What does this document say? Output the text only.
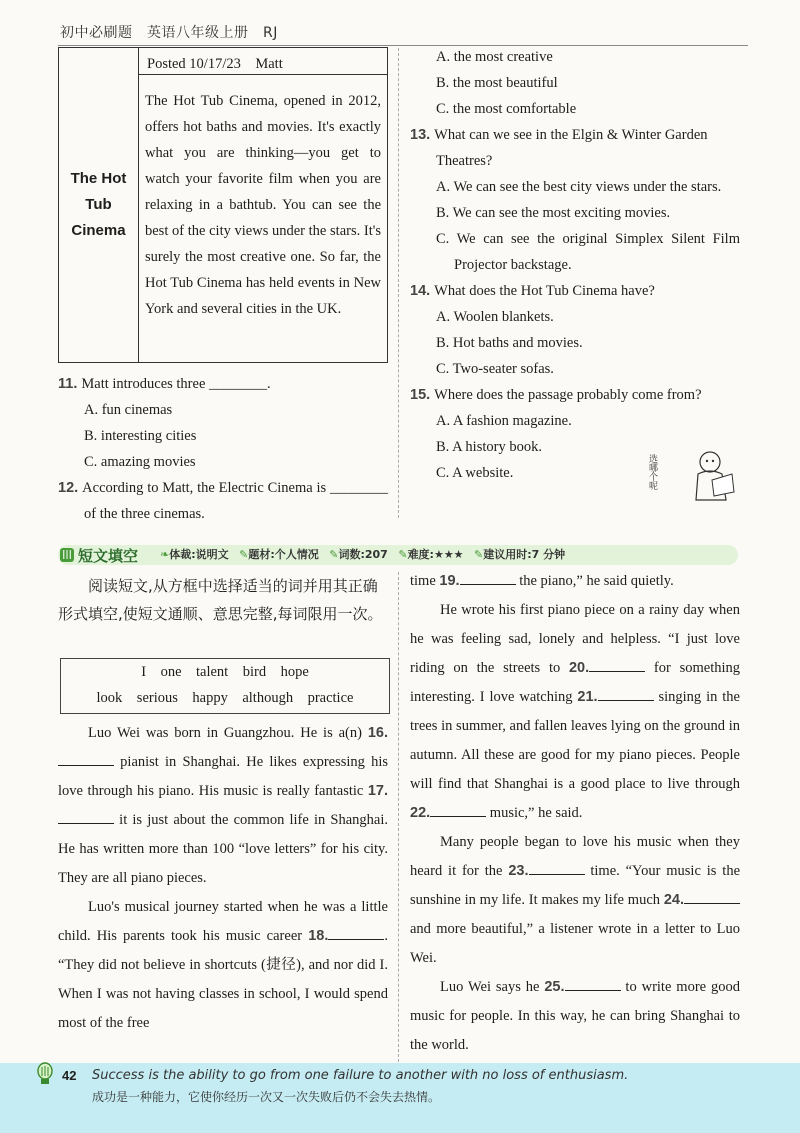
初中必刷题　英语八年级上册　RJ
The Hot
Tub
Cinema
Posted 10/17/23　Matt
The Hot Tub Cinema, opened in 2012, offers hot baths and movies. It's exactly what you are thinking—you get to watch your favorite film when you are relaxing in a bathtub. You can see the best of the city views under the stars. It's surely the most creative one. So far, the Hot Tub Cinema has held events in New York and several cities in the UK.
11. Matt introduces three ________.
A. fun cinemas
B. interesting cities
C. amazing movies
12. According to Matt, the Electric Cinema is ________ of the three cinemas.
A. the most creative
B. the most beautiful
C. the most comfortable
13. What can we see in the Elgin & Winter Garden Theatres?
A. We can see the best city views under the stars.
B. We can see the most exciting movies.
C. We can see the original Simplex Silent Film Projector backstage.
14. What does the Hot Tub Cinema have?
A. Woolen blankets.
B. Hot baths and movies.
C. Two-seater sofas.
15. Where does the passage probably come from?
A. A fashion magazine.
B. A history book.
C. A website.	选哪个呢
||| 短文填空 ❧体裁:说明文 ✎题材:个人情况 ✎词数:207 ✎难度:★★★ ✎建议用时:7 分钟
阅读短文,从方框中选择适当的词并用其正确形式填空,使短文通顺、意思完整,每词限用一次。
I　one　talent　bird　hope
look　serious　happy　although　practice
Luo Wei was born in Guangzhou. He is a(n) 16. pianist in Shanghai. He likes expressing his love through his piano. His music is really fantastic 17. it is just about the common life in Shanghai. He has written more than 100 “love letters” for his city. They are all piano pieces.
Luo's musical journey started when he was a little child. His parents took his music career 18.	. “They did not believe in shortcuts (捷径), and nor did I. When I was not having classes in school, I would spend most of the free
time 19.	the piano,” he said quietly.
He wrote his first piano piece on a rainy day when he was feeling sad, lonely and helpless. “I just love riding on the streets to 20.	for something interesting. I love watching 21.	singing in the trees in summer, and fallen leaves lying on the ground in autumn. All these are good for my piano pieces. People will find that Shanghai is a good place to live through 22.	music,” he said.
Many people began to love his music when they heard it for the 23.	time. “Your music is the sunshine in my life. It makes my life much 24. and more beautiful,” a listener wrote in a letter to Luo Wei.
Luo Wei says he 25.	to write more good music for people. In this way, he can bring Shanghai to the world.
42 Success is the ability to go from one failure to another with no loss of enthusiasm.
成功是一种能力，它使你经历一次又一次失败后仍不会失去热情。
